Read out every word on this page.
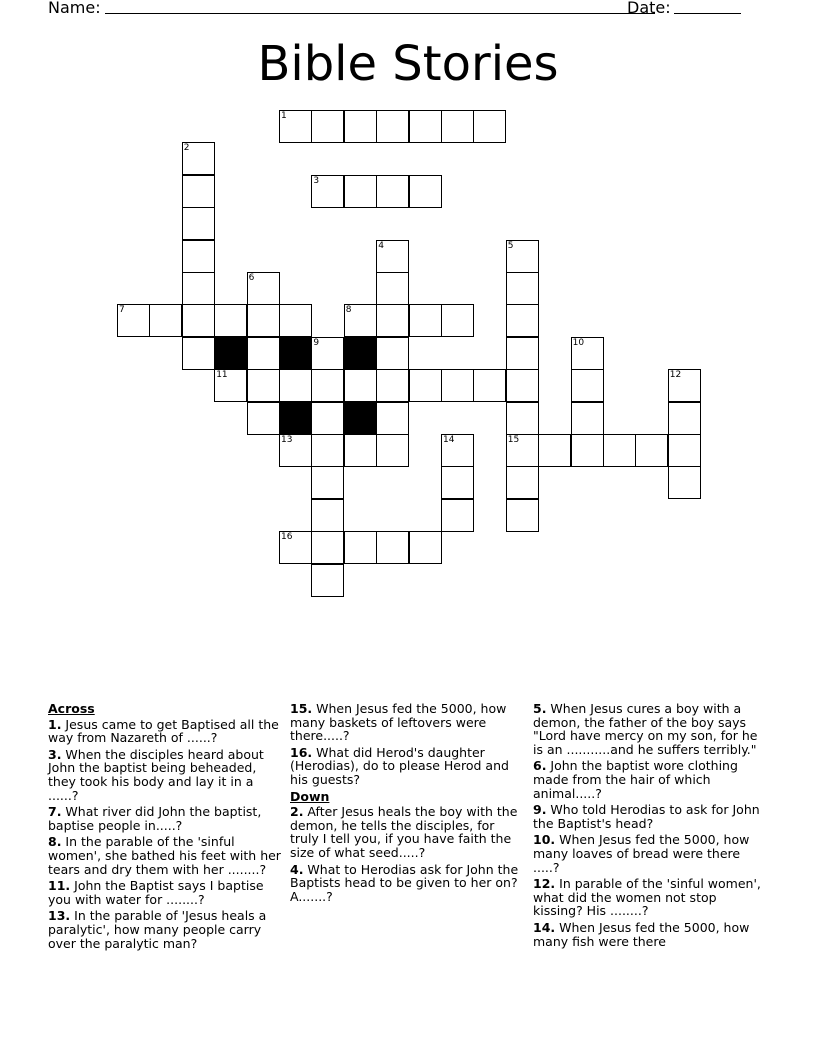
Name:	Date:
Bible Stories
1
2
3
4	5
6
7	8
9	10
11	12
13	14	15
16
Across
1. Jesus came to get Baptised all the way from Nazareth of ......?
3. When the disciples heard about John the baptist being beheaded, they took his body and lay it in a ......?
7. What river did John the baptist, baptise people in.....?
8. In the parable of the 'sinful women', she bathed his feet with her tears and dry them with her ........?
11. John the Baptist says I baptise you with water for ........?
13. In the parable of 'Jesus heals a paralytic', how many people carry over the paralytic man?
15. When Jesus fed the 5000, how many baskets of leftovers were there.....?
16. What did Herod's daughter (Herodias), do to please Herod and his guests?
Down
2. After Jesus heals the boy with the demon, he tells the disciples, for truly I tell you, if you have faith the size of what seed.....?
4. What to Herodias ask for John the Baptists head to be given to her on? A.......?
5. When Jesus cures a boy with a demon, the father of the boy says "Lord have mercy on my son, for he is an ...........and he suffers terribly."
6. John the baptist wore clothing made from the hair of which animal.....?
9. Who told Herodias to ask for John the Baptist's head?
10. When Jesus fed the 5000, how many loaves of bread were there .....?
12. In parable of the 'sinful women', what did the women not stop kissing? His ........?
14. When Jesus fed the 5000, how many fish were there
